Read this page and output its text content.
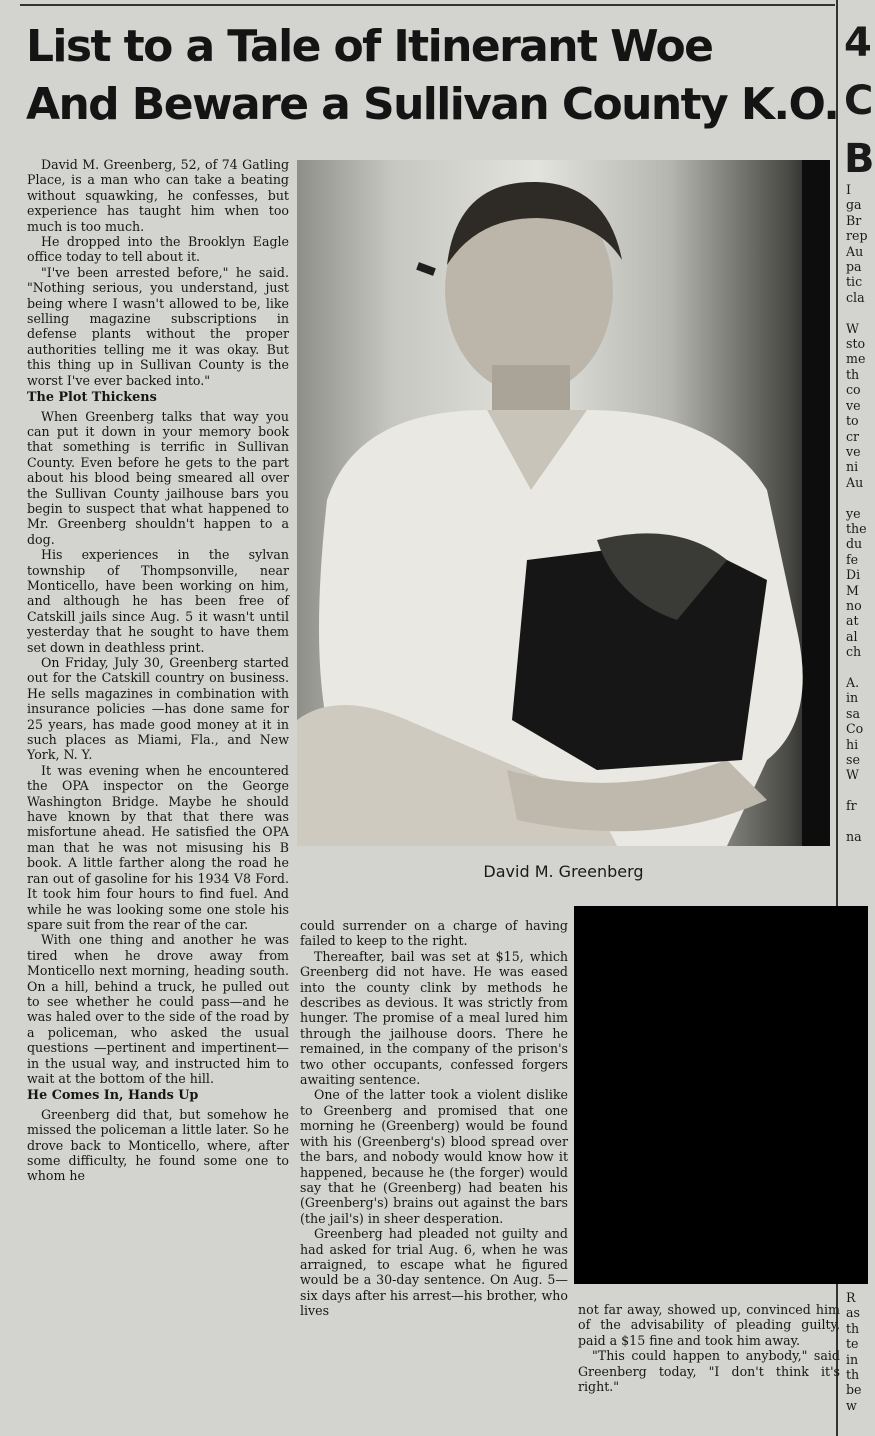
List to a Tale of Itinerant Woe
And Beware a Sullivan County K.O.

David M. Greenberg, 52, of 74 Gatling Place, is a man who can take a beating without squawking, he confesses, but experience has taught him when too much is too much.

He dropped into the Brooklyn Eagle office today to tell about it.

"I've been arrested before," he said. "Nothing serious, you understand, just being where I wasn't allowed to be, like selling magazine subscriptions in defense plants without the proper authorities telling me it was okay. But this thing up in Sullivan County is the worst I've ever backed into."

The Plot Thickens

When Greenberg talks that way you can put it down in your memory book that something is terrific in Sullivan County. Even before he gets to the part about his blood being smeared all over the Sullivan County jailhouse bars you begin to suspect that what happened to Mr. Greenberg shouldn't happen to a dog.

His experiences in the sylvan township of Thompsonville, near Monticello, have been working on him, and although he has been free of Catskill jails since Aug. 5 it wasn't until yesterday that he sought to have them set down in deathless print.

On Friday, July 30, Greenberg started out for the Catskill country on business. He sells magazines in combination with insurance policies —has done same for 25 years, has made good money at it in such places as Miami, Fla., and New York, N. Y.

It was evening when he encountered the OPA inspector on the George Washington Bridge. Maybe he should have known by that that there was misfortune ahead. He satisfied the OPA man that he was not misusing his B book. A little farther along the road he ran out of gasoline for his 1934 V8 Ford. It took him four hours to find fuel. And while he was looking some one stole his spare suit from the rear of the car.

With one thing and another he was tired when he drove away from Monticello next morning, heading south. On a hill, behind a truck, he pulled out to see whether he could pass—and he was haled over to the side of the road by a policeman, who asked the usual questions —pertinent and impertinent—in the usual way, and instructed him to wait at the bottom of the hill.

He Comes In, Hands Up

Greenberg did that, but somehow he missed the policeman a little later. So he drove back to Monticello, where, after some difficulty, he found some one to whom he

David M. Greenberg

could surrender on a charge of having failed to keep to the right.

Thereafter, bail was set at $15, which Greenberg did not have. He was eased into the county clink by methods he describes as devious. It was strictly from hunger. The promise of a meal lured him through the jailhouse doors. There he remained, in the company of the prison's two other occupants, confessed forgers awaiting sentence.

One of the latter took a violent dislike to Greenberg and promised that one morning he (Greenberg) would be found with his (Greenberg's) blood spread over the bars, and nobody would know how it happened, because he (the forger) would say that he (Greenberg) had beaten his (Greenberg's) brains out against the bars (the jail's) in sheer desperation.

Greenberg had pleaded not guilty and had asked for trial Aug. 6, when he was arraigned, to escape what he figured would be a 30-day sentence. On Aug. 5—six days after his arrest—his brother, who lives	not far away, showed up, convinced him of the advisability of pleading guilty, paid a $15 fine and took him away.

"This could happen to anybody," said Greenberg today, "I don't think it's right."

4
C
B
I
ga
Br
rep
Au
pa
tic
cla

W
sto
me
th
co
ve
to
cr
ve
ni
Au

ye
the
du
fe
Di
M
no
at
al
ch

A.
in
sa
Co
hi
se
W

fr

na
R
as
th
te
in
th
be
w
